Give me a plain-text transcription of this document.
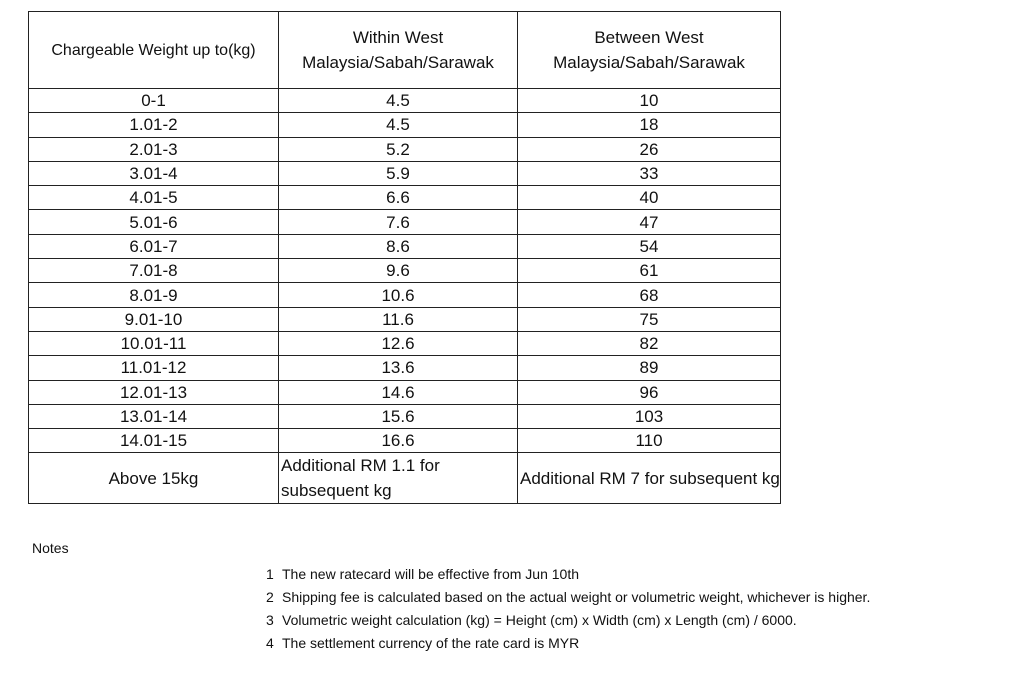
Chargeable Weight up to(kg)	Within West Malaysia/Sabah/Sarawak	Between West Malaysia/Sabah/Sarawak
0-1	4.5	10
1.01-2	4.5	18
2.01-3	5.2	26
3.01-4	5.9	33
4.01-5	6.6	40
5.01-6	7.6	47
6.01-7	8.6	54
7.01-8	9.6	61
8.01-9	10.6	68
9.01-10	11.6	75
10.01-11	12.6	82
11.01-12	13.6	89
12.01-13	14.6	96
13.01-14	15.6	103
14.01-15	16.6	110
Above 15kg	Additional RM 1.1 for subsequent kg	Additional RM 7 for subsequent kg
Notes
1 The new ratecard will be effective from Jun 10th
2 Shipping fee is calculated based on the actual weight or volumetric weight, whichever is higher.
3 Volumetric weight calculation (kg) = Height (cm) x Width (cm) x Length (cm) / 6000.
4 The settlement currency of the rate card is MYR
